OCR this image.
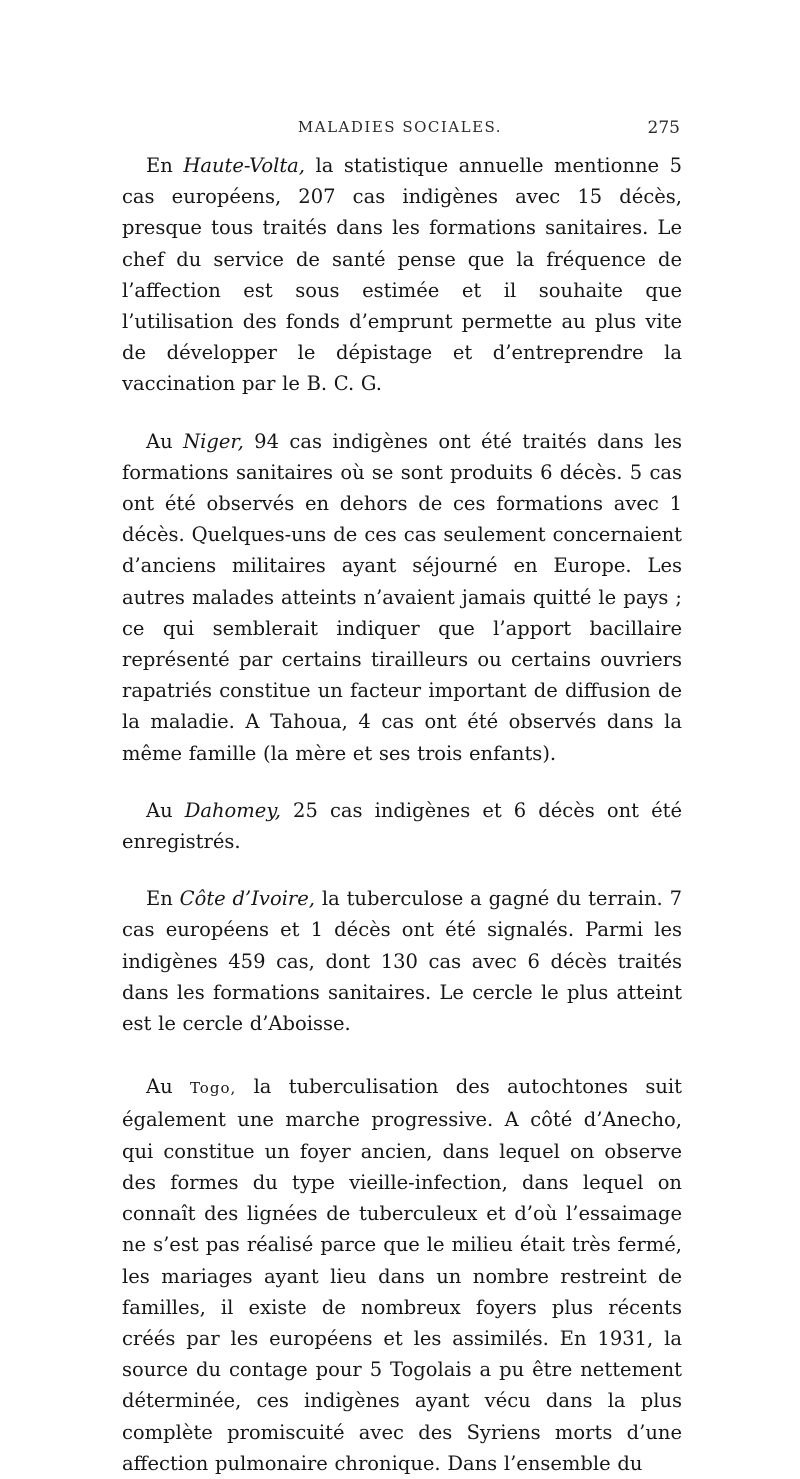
MALADIES SOCIALES.	275

En Haute-Volta, la statistique annuelle mentionne 5 cas européens, 207 cas indigènes avec 15 décès, presque tous traités dans les formations sanitaires. Le chef du service de santé pense que la fréquence de l’affection est sous estimée et il souhaite que l’utilisation des fonds d’emprunt permette au plus vite de développer le dépistage et d’entreprendre la vaccination par le B. C. G.

Au Niger, 94 cas indigènes ont été traités dans les formations sanitaires où se sont produits 6 décès. 5 cas ont été observés en dehors de ces formations avec 1 décès. Quelques-uns de ces cas seulement concernaient d’anciens militaires ayant séjourné en Europe. Les autres malades atteints n’avaient jamais quitté le pays ; ce qui semblerait indiquer que l’apport bacillaire représenté par certains tirailleurs ou certains ouvriers rapatriés constitue un facteur important de diffusion de la maladie. A Tahoua, 4 cas ont été observés dans la même famille (la mère et ses trois enfants).

Au Dahomey, 25 cas indigènes et 6 décès ont été enregistrés.

En Côte d’Ivoire, la tuberculose a gagné du terrain. 7 cas européens et 1 décès ont été signalés. Parmi les indigènes 459 cas, dont 130 cas avec 6 décès traités dans les formations sanitaires. Le cercle le plus atteint est le cercle d’Aboisse.

Au Togo, la tuberculisation des autochtones suit également une marche progressive. A côté d’Anecho, qui constitue un foyer ancien, dans lequel on observe des formes du type vieille-infection, dans lequel on connaît des lignées de tuberculeux et d’où l’essaimage ne s’est pas réalisé parce que le milieu était très fermé, les mariages ayant lieu dans un nombre restreint de familles, il existe de nombreux foyers plus récents créés par les européens et les assimilés. En 1931, la source du contage pour 5 Togolais a pu être nettement déterminée, ces indigènes ayant vécu dans la plus complète promiscuité avec des Syriens morts d’une affection pulmonaire chronique. Dans l’ensemble du
